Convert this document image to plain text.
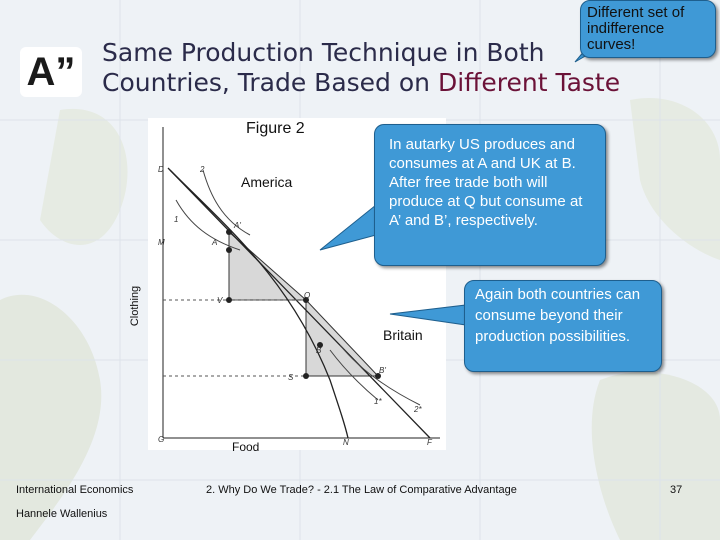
A” Same Production Technique in Both
Countries, Trade Based on Different Taste
D
M
V
S
G	N	F
A
A'
Q
B
B'
1
2
1*
2*
Figure 2
America
Britain
Food
Clothing
Different set of indifference curves!
In autarky US produces and consumes at A and UK at B. After free trade both will produce at Q but consume at A’ and B’, respectively.
Again both countries can consume beyond their production possibilities.
International Economics
Hannele Wallenius
2. Why Do We Trade? - 2.1 The Law of Comparative Advantage	37
